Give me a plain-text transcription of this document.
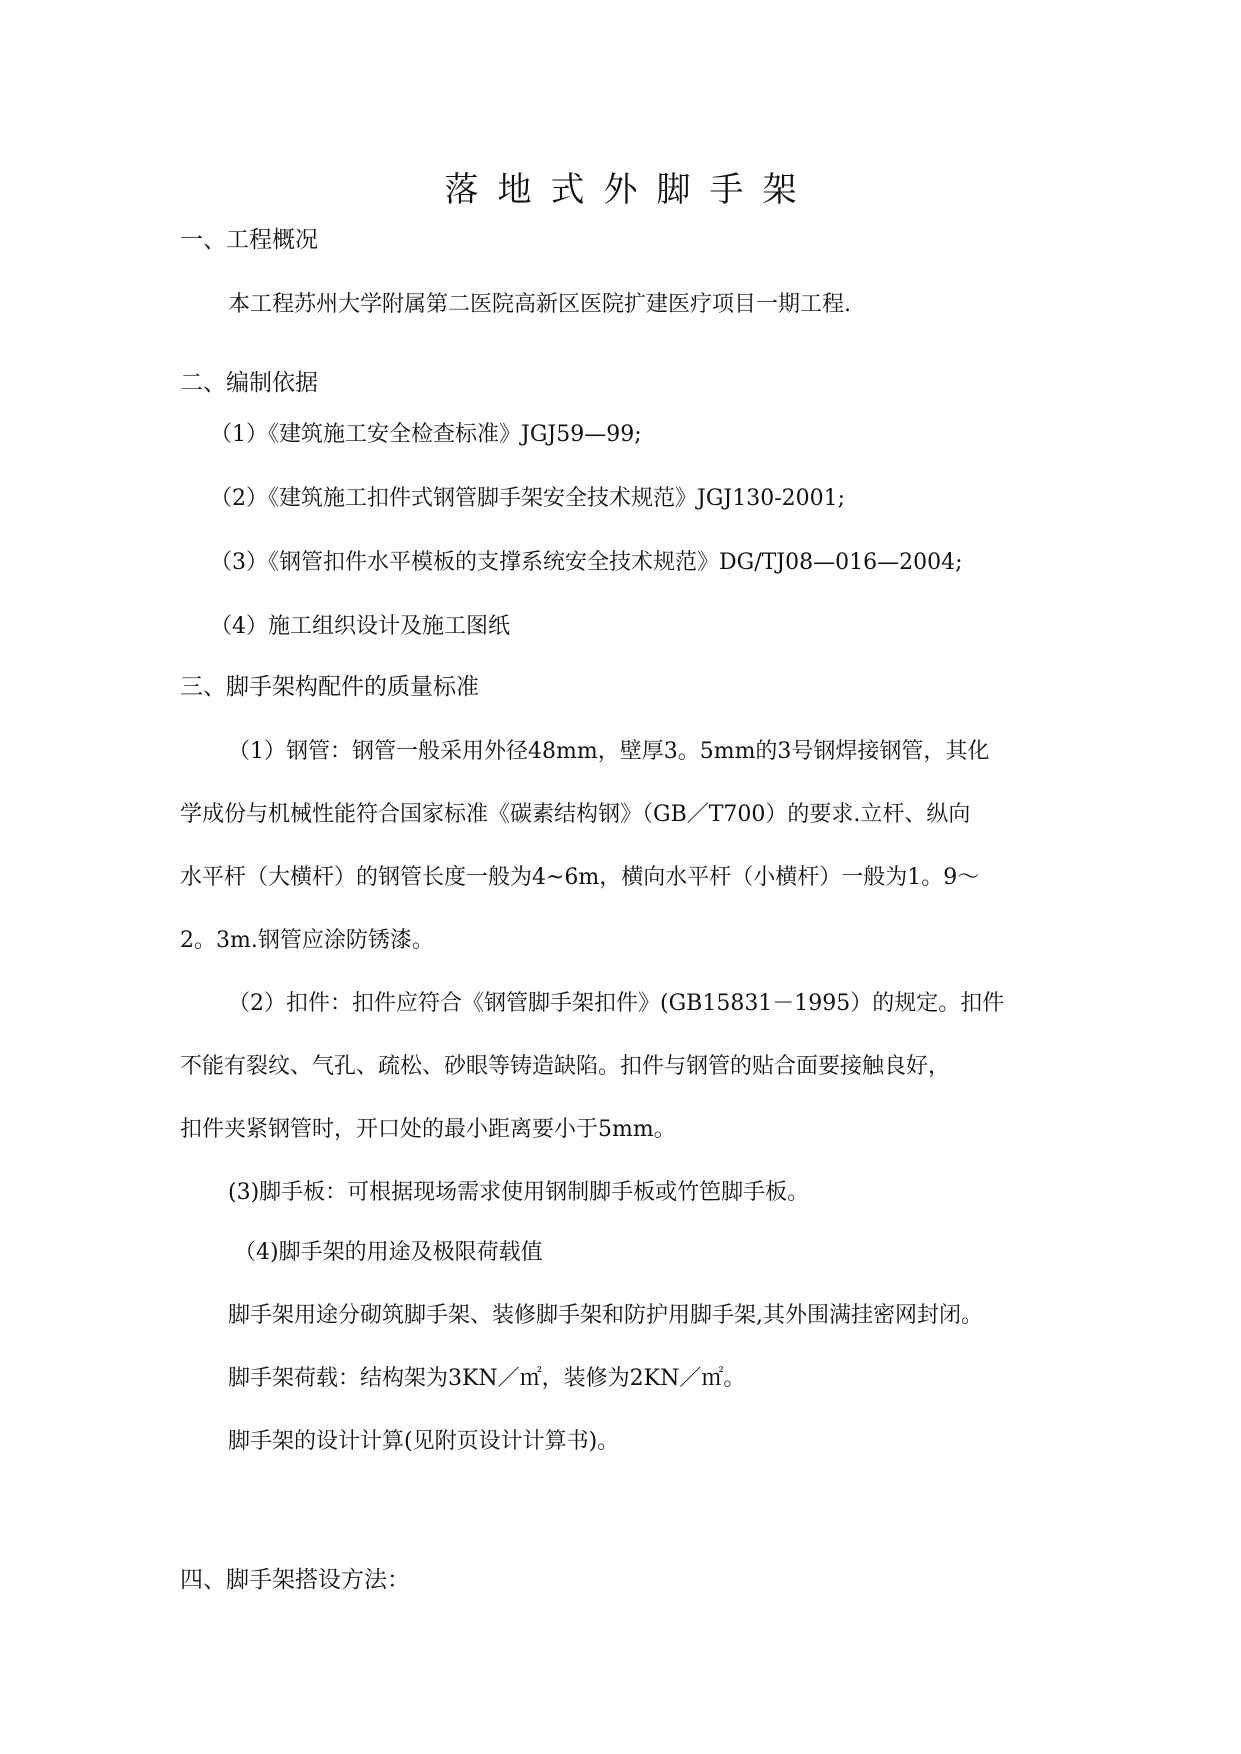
落地式外脚手架
一、工程概况
本工程苏州大学附属第二医院高新区医院扩建医疗项目一期工程.
二、编制依据
（1）《建筑施工安全检查标准》JGJ59—99;
（2）《建筑施工扣件式钢管脚手架安全技术规范》JGJ130-2001;
（3）《钢管扣件水平模板的支撑系统安全技术规范》DG/TJ08—016—2004;
（4）施工组织设计及施工图纸
三、脚手架构配件的质量标准
（1）钢管：钢管一般采用外径48mm，壁厚3。5mm的3号钢焊接钢管，其化
学成份与机械性能符合国家标准《碳素结构钢》（GB／T700）的要求.立杆、纵向
水平杆（大横杆）的钢管长度一般为4~6m，横向水平杆（小横杆）一般为1。9～
2。3m.钢管应涂防锈漆。
（2）扣件：扣件应符合《钢管脚手架扣件》(GB15831－1995）的规定。扣件
不能有裂纹、气孔、疏松、砂眼等铸造缺陷。扣件与钢管的贴合面要接触良好，
扣件夹紧钢管时，开口处的最小距离要小于5mm。
(3)脚手板：可根据现场需求使用钢制脚手板或竹笆脚手板。
（4)脚手架的用途及极限荷载值
脚手架用途分砌筑脚手架、装修脚手架和防护用脚手架,其外围满挂密网封闭。
脚手架荷载：结构架为3KN／㎡，装修为2KN／㎡。
脚手架的设计计算(见附页设计计算书)。
四、脚手架搭设方法：
